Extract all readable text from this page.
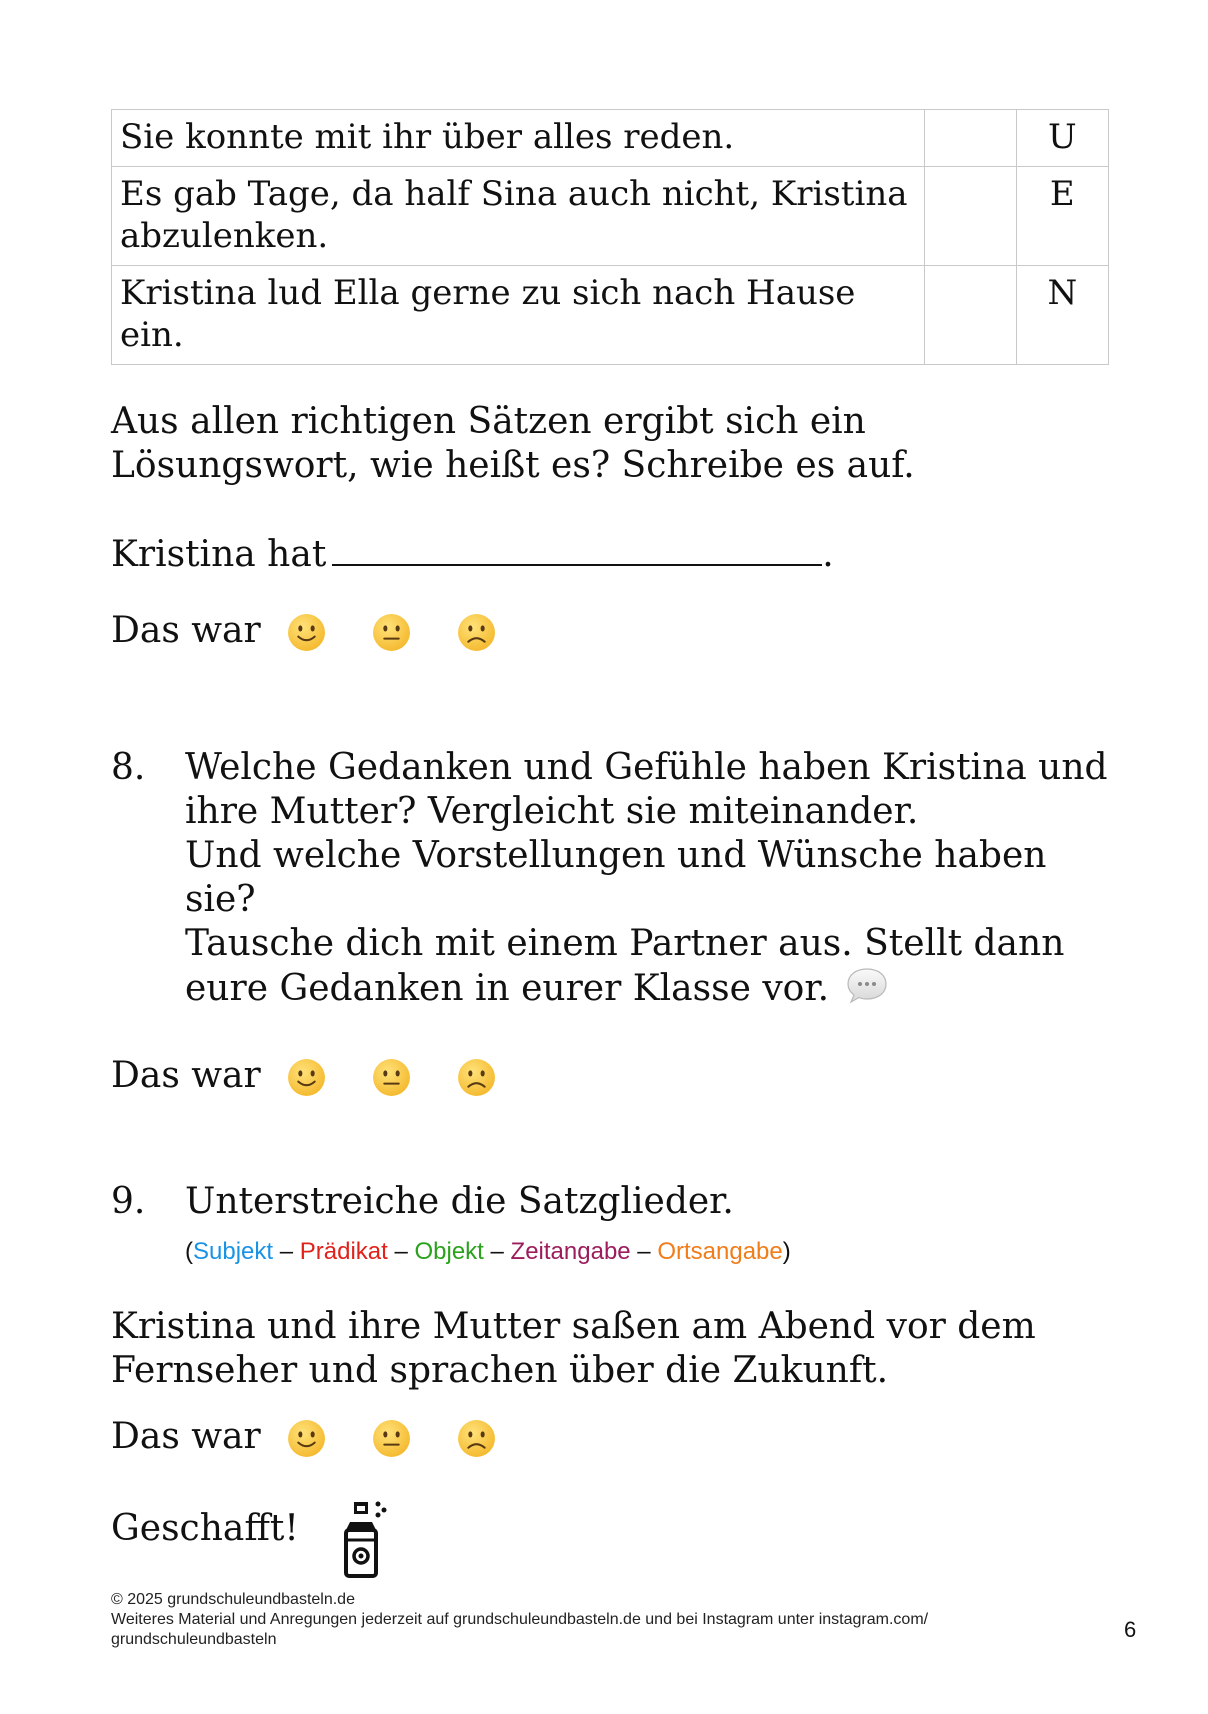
Sie konnte mit ihr über alles reden.		U
Es gab Tage, da half Sina auch nicht, Kristina abzulenken.		E
Kristina lud Ella gerne zu sich nach Hause ein.		N
Aus allen richtigen Sätzen ergibt sich ein Lösungswort, wie heißt es? Schreibe es auf.
Kristina hat	.
Das war
8. Welche Gedanken und Gefühle haben Kristina und ihre Mutter? Vergleicht sie miteinander.
Und welche Vorstellungen und Wünsche haben sie?
Tausche dich mit einem Partner aus. Stellt dann eure Gedanken in eurer Klasse vor.
Das war
9. Unterstreiche die Satzglieder.
(Subjekt – Prädikat – Objekt – Zeitangabe – Ortsangabe)
Kristina und ihre Mutter saßen am Abend vor dem Fernseher und sprachen über die Zukunft.
Das war
Geschafft!
© 2025 grundschuleundbasteln.de
Weiteres Material und Anregungen jederzeit auf grundschuleundbasteln.de und bei Instagram unter instagram.com/ grundschuleundbasteln	6
